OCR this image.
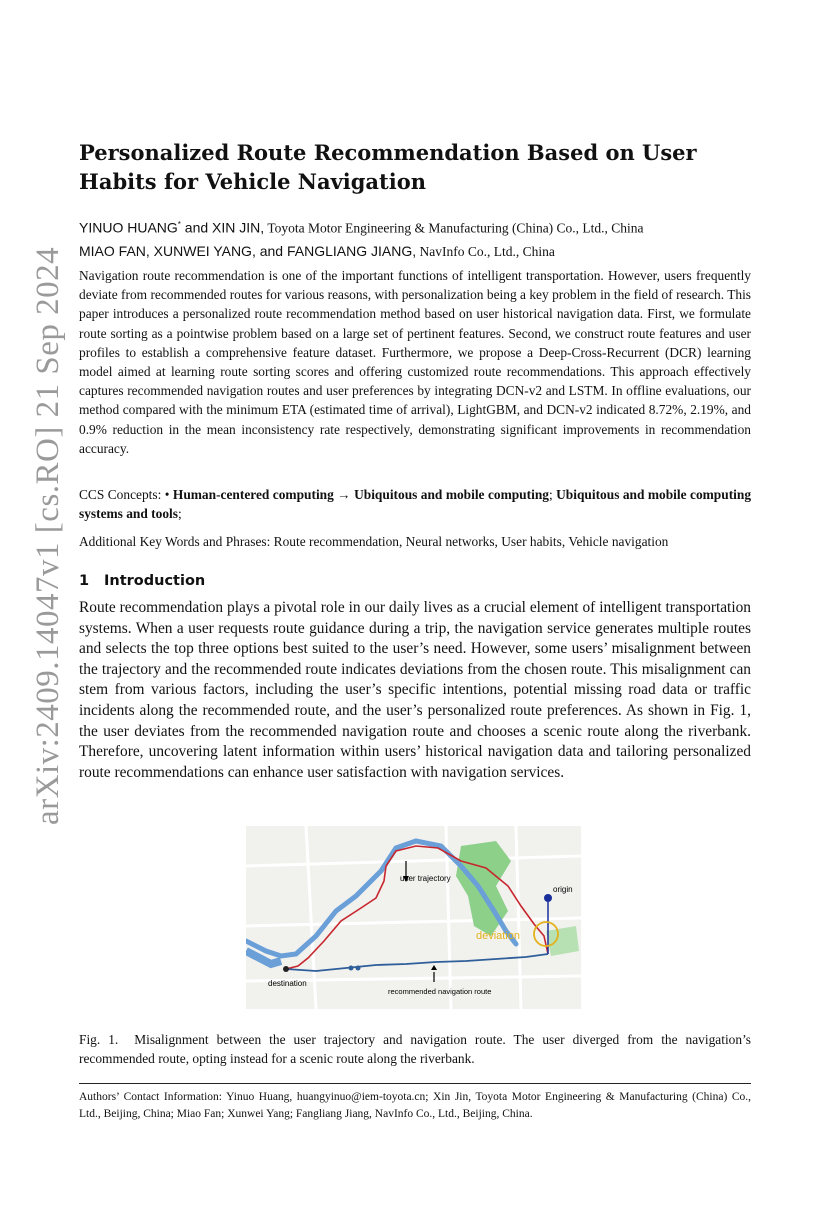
arXiv:2409.14047v1 [cs.RO] 21 Sep 2024
Personalized Route Recommendation Based on User Habits for Vehicle Navigation
YINUO HUANG* and XIN JIN, Toyota Motor Engineering & Manufacturing (China) Co., Ltd., China
MIAO FAN, XUNWEI YANG, and FANGLIANG JIANG, NavInfo Co., Ltd., China

Navigation route recommendation is one of the important functions of intelligent transportation. However, users frequently deviate from recommended routes for various reasons, with personalization being a key problem in the field of research. This paper introduces a personalized route recommendation method based on user historical navigation data. First, we formulate route sorting as a pointwise problem based on a large set of pertinent features. Second, we construct route features and user profiles to establish a comprehensive feature dataset. Furthermore, we propose a Deep-Cross-Recurrent (DCR) learning model aimed at learning route sorting scores and offering customized route recommendations. This approach effectively captures recommended navigation routes and user preferences by integrating DCN-v2 and LSTM. In offline evaluations, our method compared with the minimum ETA (estimated time of arrival), LightGBM, and DCN-v2 indicated 8.72%, 2.19%, and 0.9% reduction in the mean inconsistency rate respectively, demonstrating significant improvements in recommendation accuracy.

CCS Concepts: • Human-centered computing → Ubiquitous and mobile computing; Ubiquitous and mobile computing systems and tools;
Additional Key Words and Phrases: Route recommendation, Neural networks, User habits, Vehicle navigation
1 Introduction

Route recommendation plays a pivotal role in our daily lives as a crucial element of intelligent transportation systems. When a user requests route guidance during a trip, the navigation service generates multiple routes and selects the top three options best suited to the user’s need. However, some users’ misalignment between the trajectory and the recommended route indicates deviations from the chosen route. This misalignment can stem from various factors, including the user’s specific intentions, potential missing road data or traffic incidents along the recommended route, and the user’s personalized route preferences. As shown in Fig. 1, the user deviates from the recommended navigation route and chooses a scenic route along the riverbank. Therefore, uncovering latent information within users’ historical navigation data and tailoring personalized route recommendations can enhance user satisfaction with navigation services.

user trajectory
origin
deviation
destination
recommended navigation route
Fig. 1. Misalignment between the user trajectory and navigation route. The user diverged from the navigation’s recommended route, opting instead for a scenic route along the riverbank.
Authors’ Contact Information: Yinuo Huang, huangyinuo@iem-toyota.cn; Xin Jin, Toyota Motor Engineering & Manufacturing (China) Co., Ltd., Beijing, China; Miao Fan; Xunwei Yang; Fangliang Jiang, NavInfo Co., Ltd., Beijing, China.
